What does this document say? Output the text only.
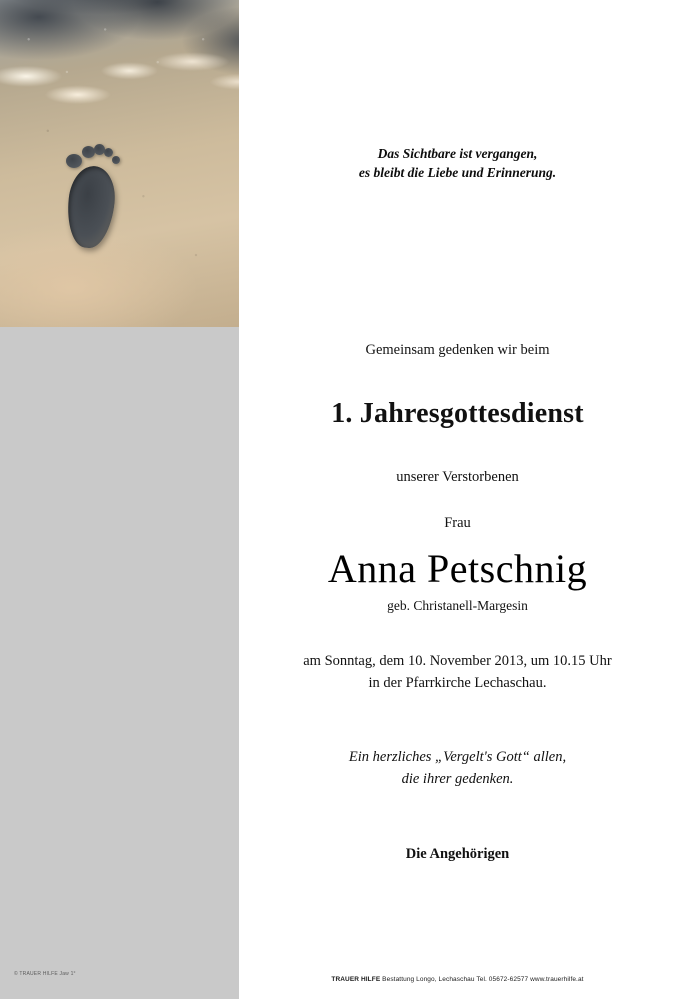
© TRAUER HILFE Jaw 1°
Das Sichtbare ist vergangen,
es bleibt die Liebe und Erinnerung.
Gemeinsam gedenken wir beim
1. Jahresgottesdienst
unserer Verstorbenen
Frau
Anna Petschnig
geb. Christanell-Margesin
am Sonntag, dem 10. November 2013, um 10.15 Uhr
in der Pfarrkirche Lechaschau.
Ein herzliches „Vergelt's Gott“ allen,
die ihrer gedenken.
Die Angehörigen
TRAUER HILFE Bestattung Longo, Lechaschau Tel. 05672-62577 www.trauerhilfe.at
